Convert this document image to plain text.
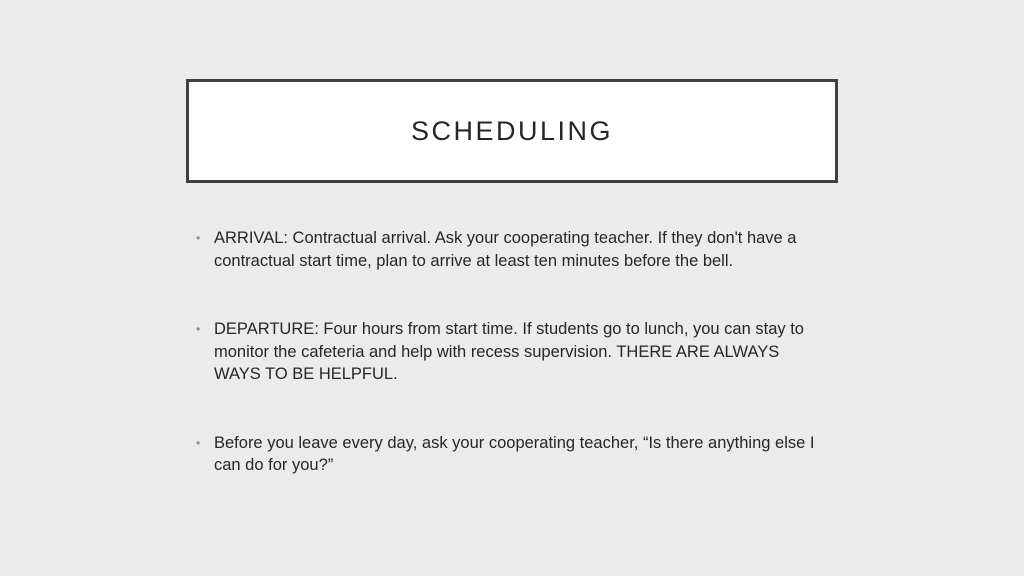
SCHEDULING
• ARRIVAL: Contractual arrival. Ask your cooperating teacher. If they don't have a contractual start time, plan to arrive at least ten minutes before the bell.
• DEPARTURE: Four hours from start time. If students go to lunch, you can stay to monitor the cafeteria and help with recess supervision. THERE ARE ALWAYS WAYS TO BE HELPFUL.
• Before you leave every day, ask your cooperating teacher, “Is there anything else I can do for you?”
